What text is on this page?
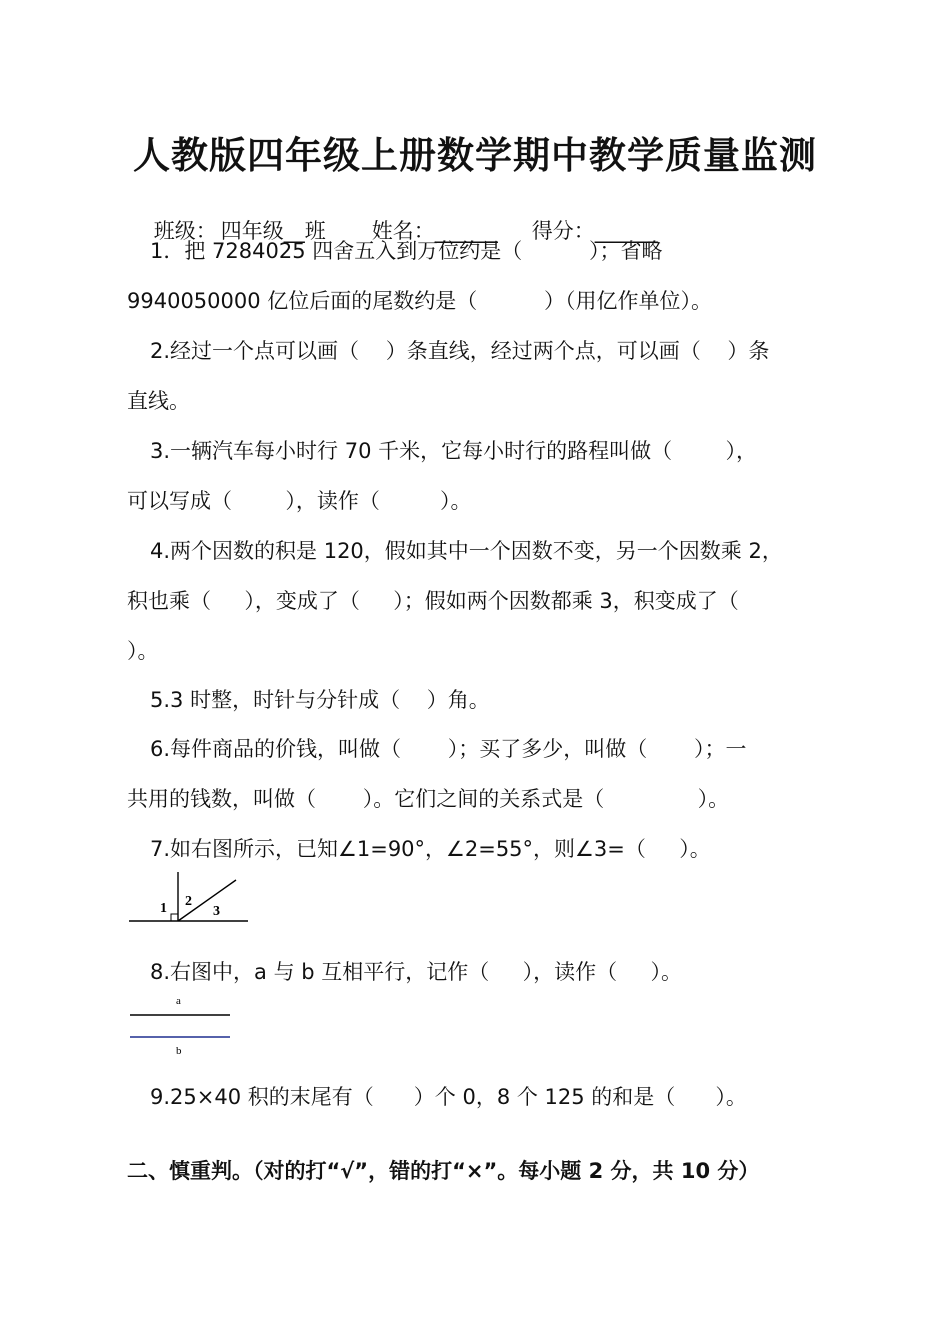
人教版四年级上册数学期中教学质量监测

班级： 四年级__班 姓名：______ 得分：______

1．把 7284025 四舍五入到万位约是（          ）；省略
9940050000 亿位后面的尾数约是（          ）（用亿作单位）。
2.经过一个点可以画（    ）条直线，经过两个点，可以画（    ）条
直线。
3.一辆汽车每小时行 70 千米，它每小时行的路程叫做（        ），
可以写成（        ），读作（         ）。
4.两个因数的积是 120，假如其中一个因数不变，另一个因数乘 2，
积也乘（     ），变成了（     ）；假如两个因数都乘 3，积变成了（
）。
5.3 时整，时针与分针成（    ）角。
6.每件商品的价钱，叫做（       ）；买了多少，叫做（       ）；一
共用的钱数，叫做（       ）。它们之间的关系式是（              ）。
7.如右图所示，已知∠1=90°，∠2=55°，则∠3=（     ）。
1 2
3
8.右图中，a 与 b 互相平行，记作（     ），读作（     ）。
a
b
9.25×40 积的末尾有（      ）个 0，8 个 125 的和是（      ）。
二、慎重判。（对的打“√”，错的打“×”。每小题 2 分，共 10 分）
